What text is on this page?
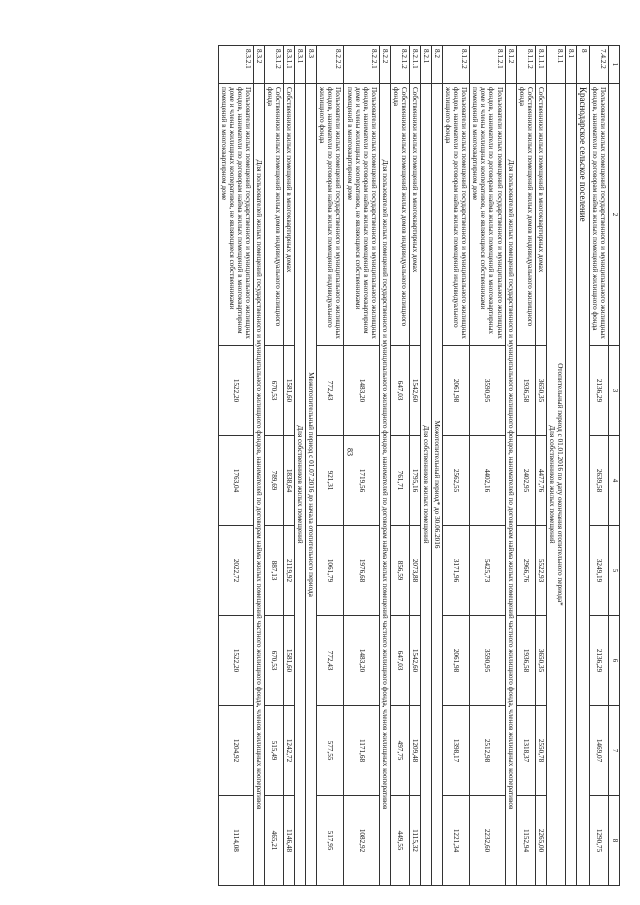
83
1	2	3	4	5	6	7	8
7.4.2.2	Пользователи жилых помещений государственного и муниципального жилищных фондов, наниматели по договорам найма жилых помещений жилищного фонда	2136,29	2639,58	3249,19	2136,29	1469,07	1290,75
8	Краснодарское сельское поселение						
8.1							
8.1.1	Отопительный период с 01.01.2016 по дату окончания отопительного периода*
Для собственников жилых помещений						

8.1.1.1	Собственники жилых помещений в многоквартирных домах	3650,35	4477,76	5522,93	3650,35	2550,78	2265,00
8.1.1.2	Собственники жилых помещений жилых домов индивидуального жилищного фонда	1936,58	2402,95	2966,76	1936,58	1318,37	1152,94
8.1.2	Для пользователей жилых помещений государственного и муниципального жилищного фондов, нанимателей по договорам найма жилых помещений частного жилищного фонда, членов жилищных кооперативов						
8.1.2.1	Пользователи жилых помещений государственного и муниципального жилищных фондов, наниматели по договорам найма жилых помещений в многоквартирных доме и члены жилищных кооперативов, не являющиеся собственниками помещений в многоквартирном доме	3590,95	4402,16	5425,73	3590,95	2512,98	2232,60
8.1.2.2	Пользователи жилых помещений государственного и муниципального жилищных фондов, наниматели по договорам найма жилых помещений индивидуального жилищного фонда	2061,98	2562,55	3171,96	2061,98	1398,17	1221,34
8.2	Межотопительный период* до 30.06.2016						
8.2.1	Для собственников жилых помещений						
8.2.1.1	Собственники жилых помещений в многоквартирных домах	1542,60	1795,16	2073,88	1542,60	1209,48	1115,32
8.2.1.2	Собственники жилых помещений жилых домов индивидуального жилищного фонда	647,03	761,71	856,59	647,03	497,75	449,55
8.2.2	Для пользователей жилых помещений государственного и муниципального жилищного фондов, нанимателей по договорам найма жилых помещений частного жилищного фонда, членов жилищных кооперативов						
8.2.2.1	Пользователи жилых помещений государственного и муниципального жилищных фондов, наниматели по договорам найма жилых помещений в многоквартирном доме и члены жилищных кооперативов, не являющиеся собственниками помещений в многоквартирном доме	1483,20	1719,56	1976,68	1483,20	1171,68	1082,92
8.2.2.2	Пользователи жилых помещений государственного и муниципального жилищных фондов, наниматели по договорам найма жилых помещений индивидуального жилищного фонда	772,43	921,31	1061,79	772,43	577,55	517,95
8.3	Межотопительный период с 01.07.2016 до начала отопительного периода						
8.3.1	Для собственников жилых помещений						
8.3.1.1	Собственники жилых помещений в многоквартирных домах	1581,60	1838,64	2119,92	1581,60	1242,72	1146,48
8.3.1.2	Собственники жилых помещений жилых домов индивидуального жилищного фонда	670,53	789,69	887,13	670,53	515,49	465,21
8.3.2	Для пользователей жилых помещений государственного и муниципального жилищного фондов, нанимателей по договорам найма жилых помещений частного жилищного фонда, членов жилищных кооперативов						
8.3.2.1	Пользователи жилых помещений государственного и муниципального жилищных фондов, наниматели по договорам найма жилых помещений в многоквартирном доме и члены жилищных кооперативов, не являющиеся собственниками помещений в многоквартирном доме	1522,20	1763,04	2022,72	1522,20	1204,92	1114,08
